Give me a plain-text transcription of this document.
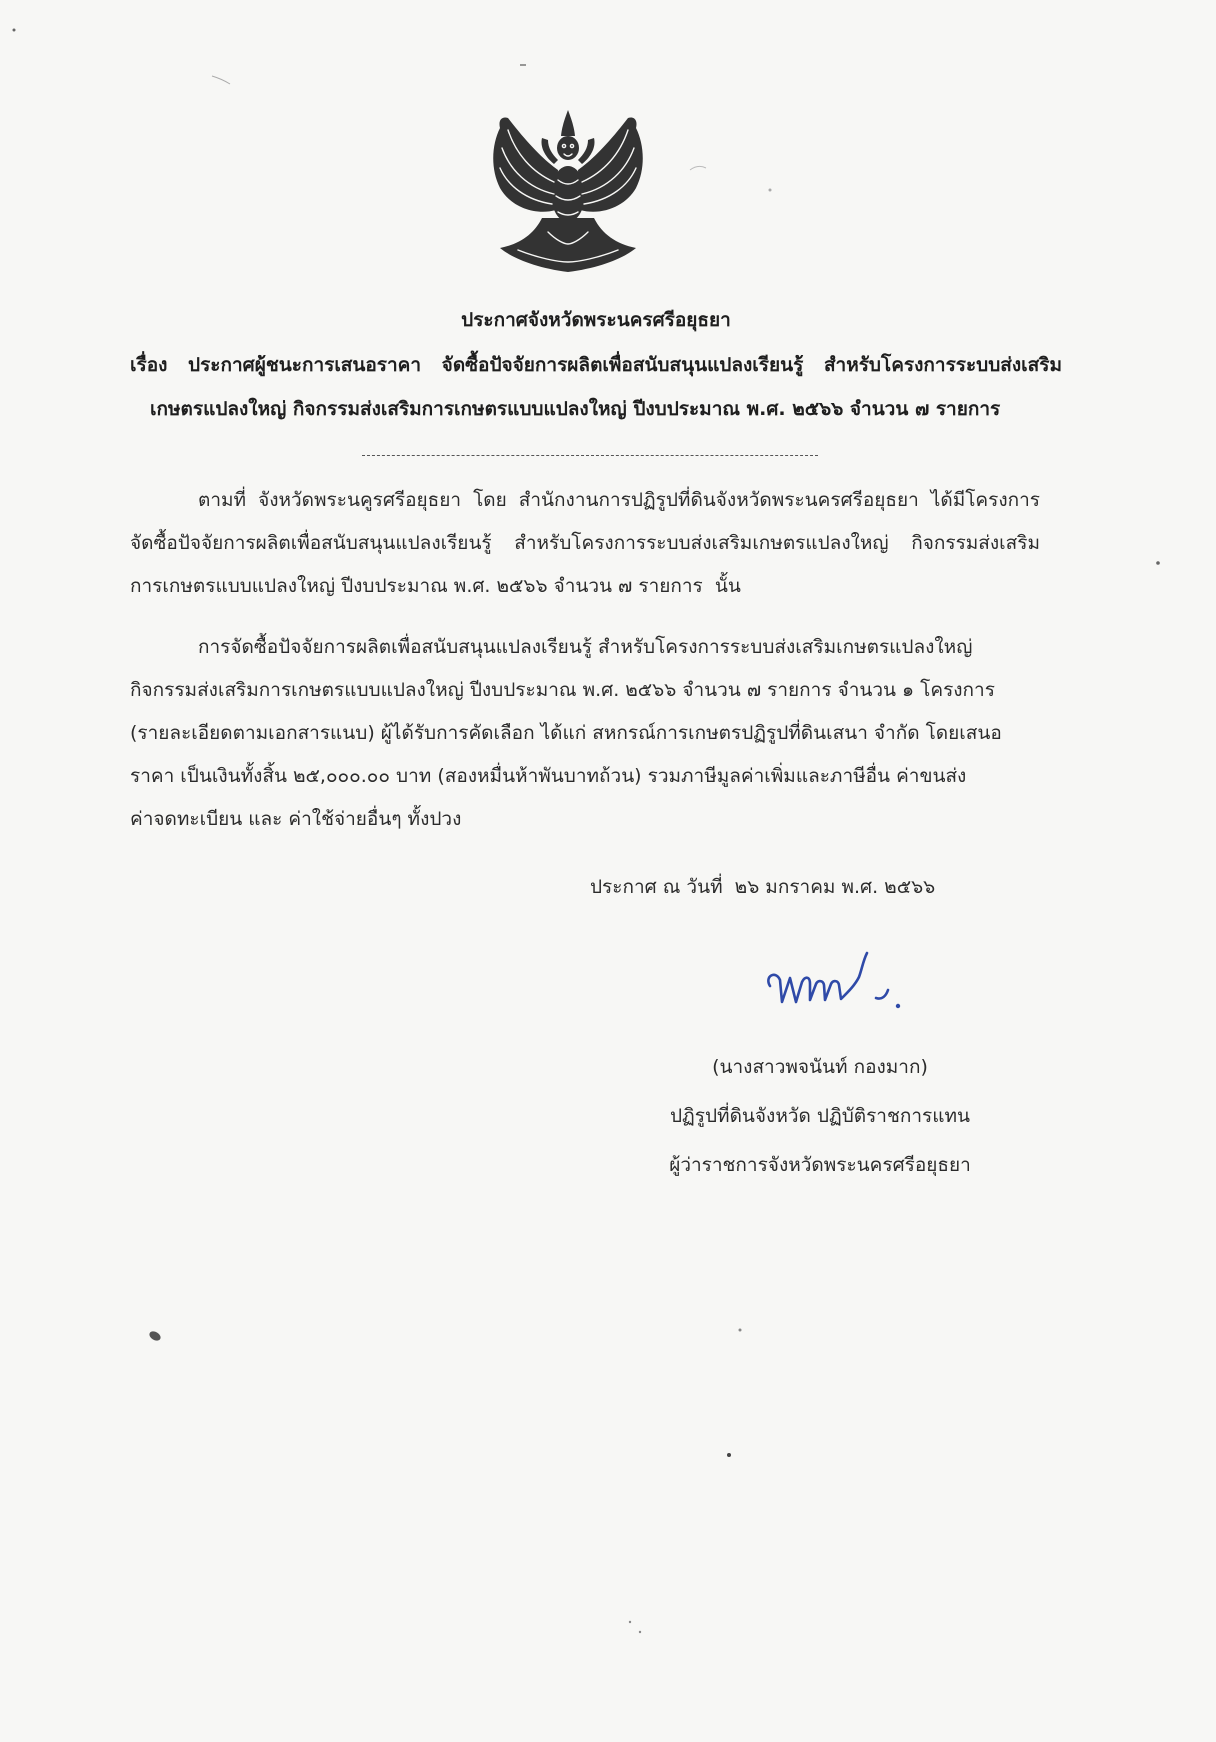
ประกาศจังหวัดพระนครศรีอยุธยา
เรื่อง ประกาศผู้ชนะการเสนอราคา จัดซื้อปัจจัยการผลิตเพื่อสนับสนุนแปลงเรียนรู้ สำหรับโครงการระบบส่งเสริม
เกษตรแปลงใหญ่ กิจกรรมส่งเสริมการเกษตรแบบแปลงใหญ่ ปีงบประมาณ พ.ศ. ๒๕๖๖ จำนวน ๗ รายการ
ตามที่ จังหวัดพระนคูรศรีอยุธยา โดย สำนักงานการปฏิรูปที่ดินจังหวัดพระนครศรีอยุธยา ได้มีโครงการ
จัดซื้อปัจจัยการผลิตเพื่อสนับสนุนแปลงเรียนรู้ สำหรับโครงการระบบส่งเสริมเกษตรแปลงใหญ่ กิจกรรมส่งเสริม
การเกษตรแบบแปลงใหญ่ ปีงบประมาณ พ.ศ. ๒๕๖๖ จำนวน ๗ รายการ  นั้น
การจัดซื้อปัจจัยการผลิตเพื่อสนับสนุนแปลงเรียนรู้ สำหรับโครงการระบบส่งเสริมเกษตรแปลงใหญ่
กิจกรรมส่งเสริมการเกษตรแบบแปลงใหญ่ ปีงบประมาณ พ.ศ. ๒๕๖๖ จำนวน ๗ รายการ จำนวน ๑ โครงการ
(รายละเอียดตามเอกสารแนบ) ผู้ได้รับการคัดเลือก ได้แก่ สหกรณ์การเกษตรปฏิรูปที่ดินเสนา จำกัด โดยเสนอ
ราคา เป็นเงินทั้งสิ้น ๒๕,๐๐๐.๐๐ บาท (สองหมื่นห้าพันบาทถ้วน) รวมภาษีมูลค่าเพิ่มและภาษีอื่น ค่าขนส่ง
ค่าจดทะเบียน และ ค่าใช้จ่ายอื่นๆ ทั้งปวง
ประกาศ ณ วันที่  ๒๖ มกราคม พ.ศ. ๒๕๖๖
(นางสาวพจนันท์ กองมาก)
ปฏิรูปที่ดินจังหวัด ปฏิบัติราชการแทน
ผู้ว่าราชการจังหวัดพระนครศรีอยุธยา
